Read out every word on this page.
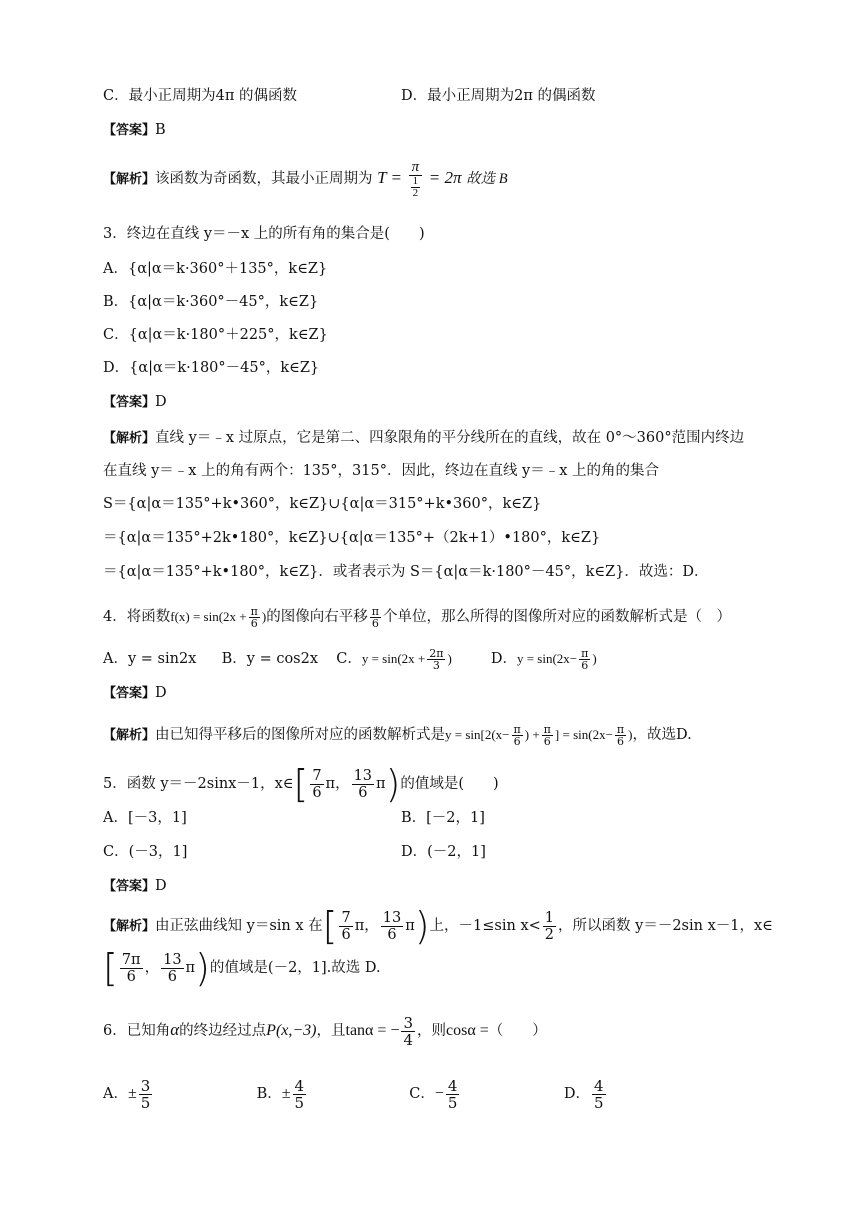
C．最小正周期为4π 的偶函数	D．最小正周期为2π 的偶函数
【答案】B
【解析】该函数为奇函数，其最小正周期为 $T = \frac{\pi}{\frac{1}{2}} = 2\pi$ 故选 B
3．终边在直线 y＝－x 上的所有角的集合是(　　)
A．{α|α＝k·360°＋135°，k∈Z}
B．{α|α＝k·360°－45°，k∈Z}
C．{α|α＝k·180°＋225°，k∈Z}
D．{α|α＝k·180°－45°，k∈Z}
【答案】D
【解析】直线 y＝﹣x 过原点，它是第二、四象限角的平分线所在的直线，故在 0°～360°范围内终边
在直线 y＝﹣x 上的角有两个：135°，315°．因此，终边在直线 y＝﹣x 上的角的集合
S＝{α|α＝135°+k•360°，k∈Z}∪{α|α＝315°+k•360°，k∈Z}
＝{α|α＝135°+2k•180°，k∈Z}∪{α|α＝135°+（2k+1）•180°，k∈Z}
＝{α|α＝135°+k•180°，k∈Z}．或者表示为 S＝{α|α＝k·180°－45°，k∈Z}．故选：D．
4．将函数$f(x) = \sin(2x + \frac{\pi}{6}$ )的图像向右平移 $\frac{\pi}{6}$ 个单位，那么所得的图像所对应的函数解析式是（　）
A．y = sin2x B．y = cos2x C．$y = \sin(2x + \frac{2\pi}{3}$ )	D．$y = \sin(2x- \frac{\pi}{6}$ )
【答案】D
【解析】由已知得平移后的图像所对应的函数解析式是$y = \sin[2(x- \frac{\pi}{6}$ ) + $\frac{\pi}{6}$ ] = $\sin(2x- \frac{\pi}{6}$ )，故选D.
5．函数 y＝－2sinx－1，x∈[ $\frac{7}{6}$ π， $\frac{13}{6} \pi$)的值域是(　　)
A．[－3，1]	B．[－2，1]
C．(－3，1]	D．(－2，1]
【答案】D
【解析】由正弦曲线知 y＝sin x 在[ $\frac{7}{6}$ π， $\frac{13}{6} \pi$)上，－1≤sin $x< \frac{1}{2}$ ，所以函数 y＝－2sin x－1，x∈
[ $\frac{7\pi}{6}$ ， $\frac{13}{6} \pi$)的值域是(－2，1].故选 D.
6．已知角α的终边经过点P(x,−3)，且tanα = − $\frac{3}{4}$ ，则cosα =（　　）
A．± $\frac{3}{5}$	B．± $\frac{4}{5}$	C．− $\frac{4}{5}$	D． $\frac{4}{5}$
